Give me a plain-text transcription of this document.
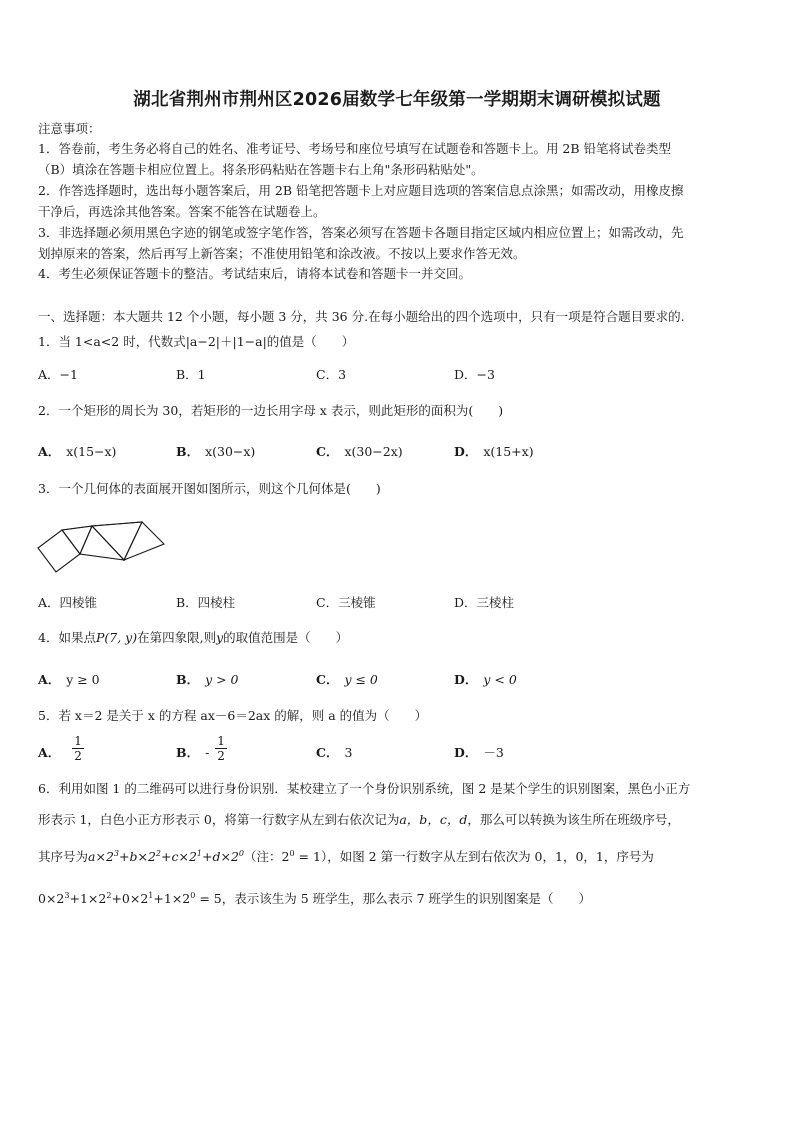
湖北省荆州市荆州区2026届数学七年级第一学期期末调研模拟试题
注意事项：
1．答卷前，考生务必将自己的姓名、准考证号、考场号和座位号填写在试题卷和答题卡上。用 2B 铅笔将试卷类型
（B）填涂在答题卡相应位置上。将条形码粘贴在答题卡右上角"条形码粘贴处"。
2．作答选择题时，选出每小题答案后，用 2B 铅笔把答题卡上对应题目选项的答案信息点涂黑；如需改动，用橡皮擦
干净后，再选涂其他答案。答案不能答在试题卷上。
3．非选择题必须用黑色字迹的钢笔或签字笔作答，答案必须写在答题卡各题目指定区域内相应位置上；如需改动，先
划掉原来的答案，然后再写上新答案；不准使用铅笔和涂改液。不按以上要求作答无效。
4．考生必须保证答题卡的整洁。考试结束后，请将本试卷和答题卡一并交回。
一、选择题：本大题共 12 个小题，每小题 3 分，共 36 分.在每小题给出的四个选项中，只有一项是符合题目要求的.
1．当 1<a<2 时，代数式|a−2|＋|1−a|的值是（　　）
A．−1	B．1	C．3	D．−3
2．一个矩形的周长为 30，若矩形的一边长用字母 x 表示，则此矩形的面积为(　　)
A． x(15−x)	B． x(30−x)	C． x(30−2x)	D． x(15+x)
3．一个几何体的表面展开图如图所示，则这个几何体是(　　)
A．四棱锥	B．四棱柱	C．三棱锥	D．三棱柱
4．如果点P(7, y)在第四象限,则y的取值范围是（　　）
A． y ≥ 0	B． y > 0	C． y ≤ 0	D． y < 0
5．若 x＝2 是关于 x 的方程 ax－6＝2ax 的解，则 a 的值为（　　）
A． $\frac{1}{2}$	B． - $\frac{1}{2}$	C． 3	D． －3
6．利用如图 1 的二维码可以进行身份识别．某校建立了一个身份识别系统，图 2 是某个学生的识别图案，黑色小正方
形表示 1，白色小正方形表示 0，将第一行数字从左到右依次记为a，b，c，d，那么可以转换为该生所在班级序号，
其序号为$a\times 2^3+b\times 2^2+c\times 2^1+d\times 2^0$（注：$2^0 = 1$），如图 2 第一行数字从左到右依次为 0，1，0，1，序号为
$0\times 2^3+1\times 2^2+0\times 2^1+1\times 2^0 = 5$，表示该生为 5 班学生，那么表示 7 班学生的识别图案是（　　）
